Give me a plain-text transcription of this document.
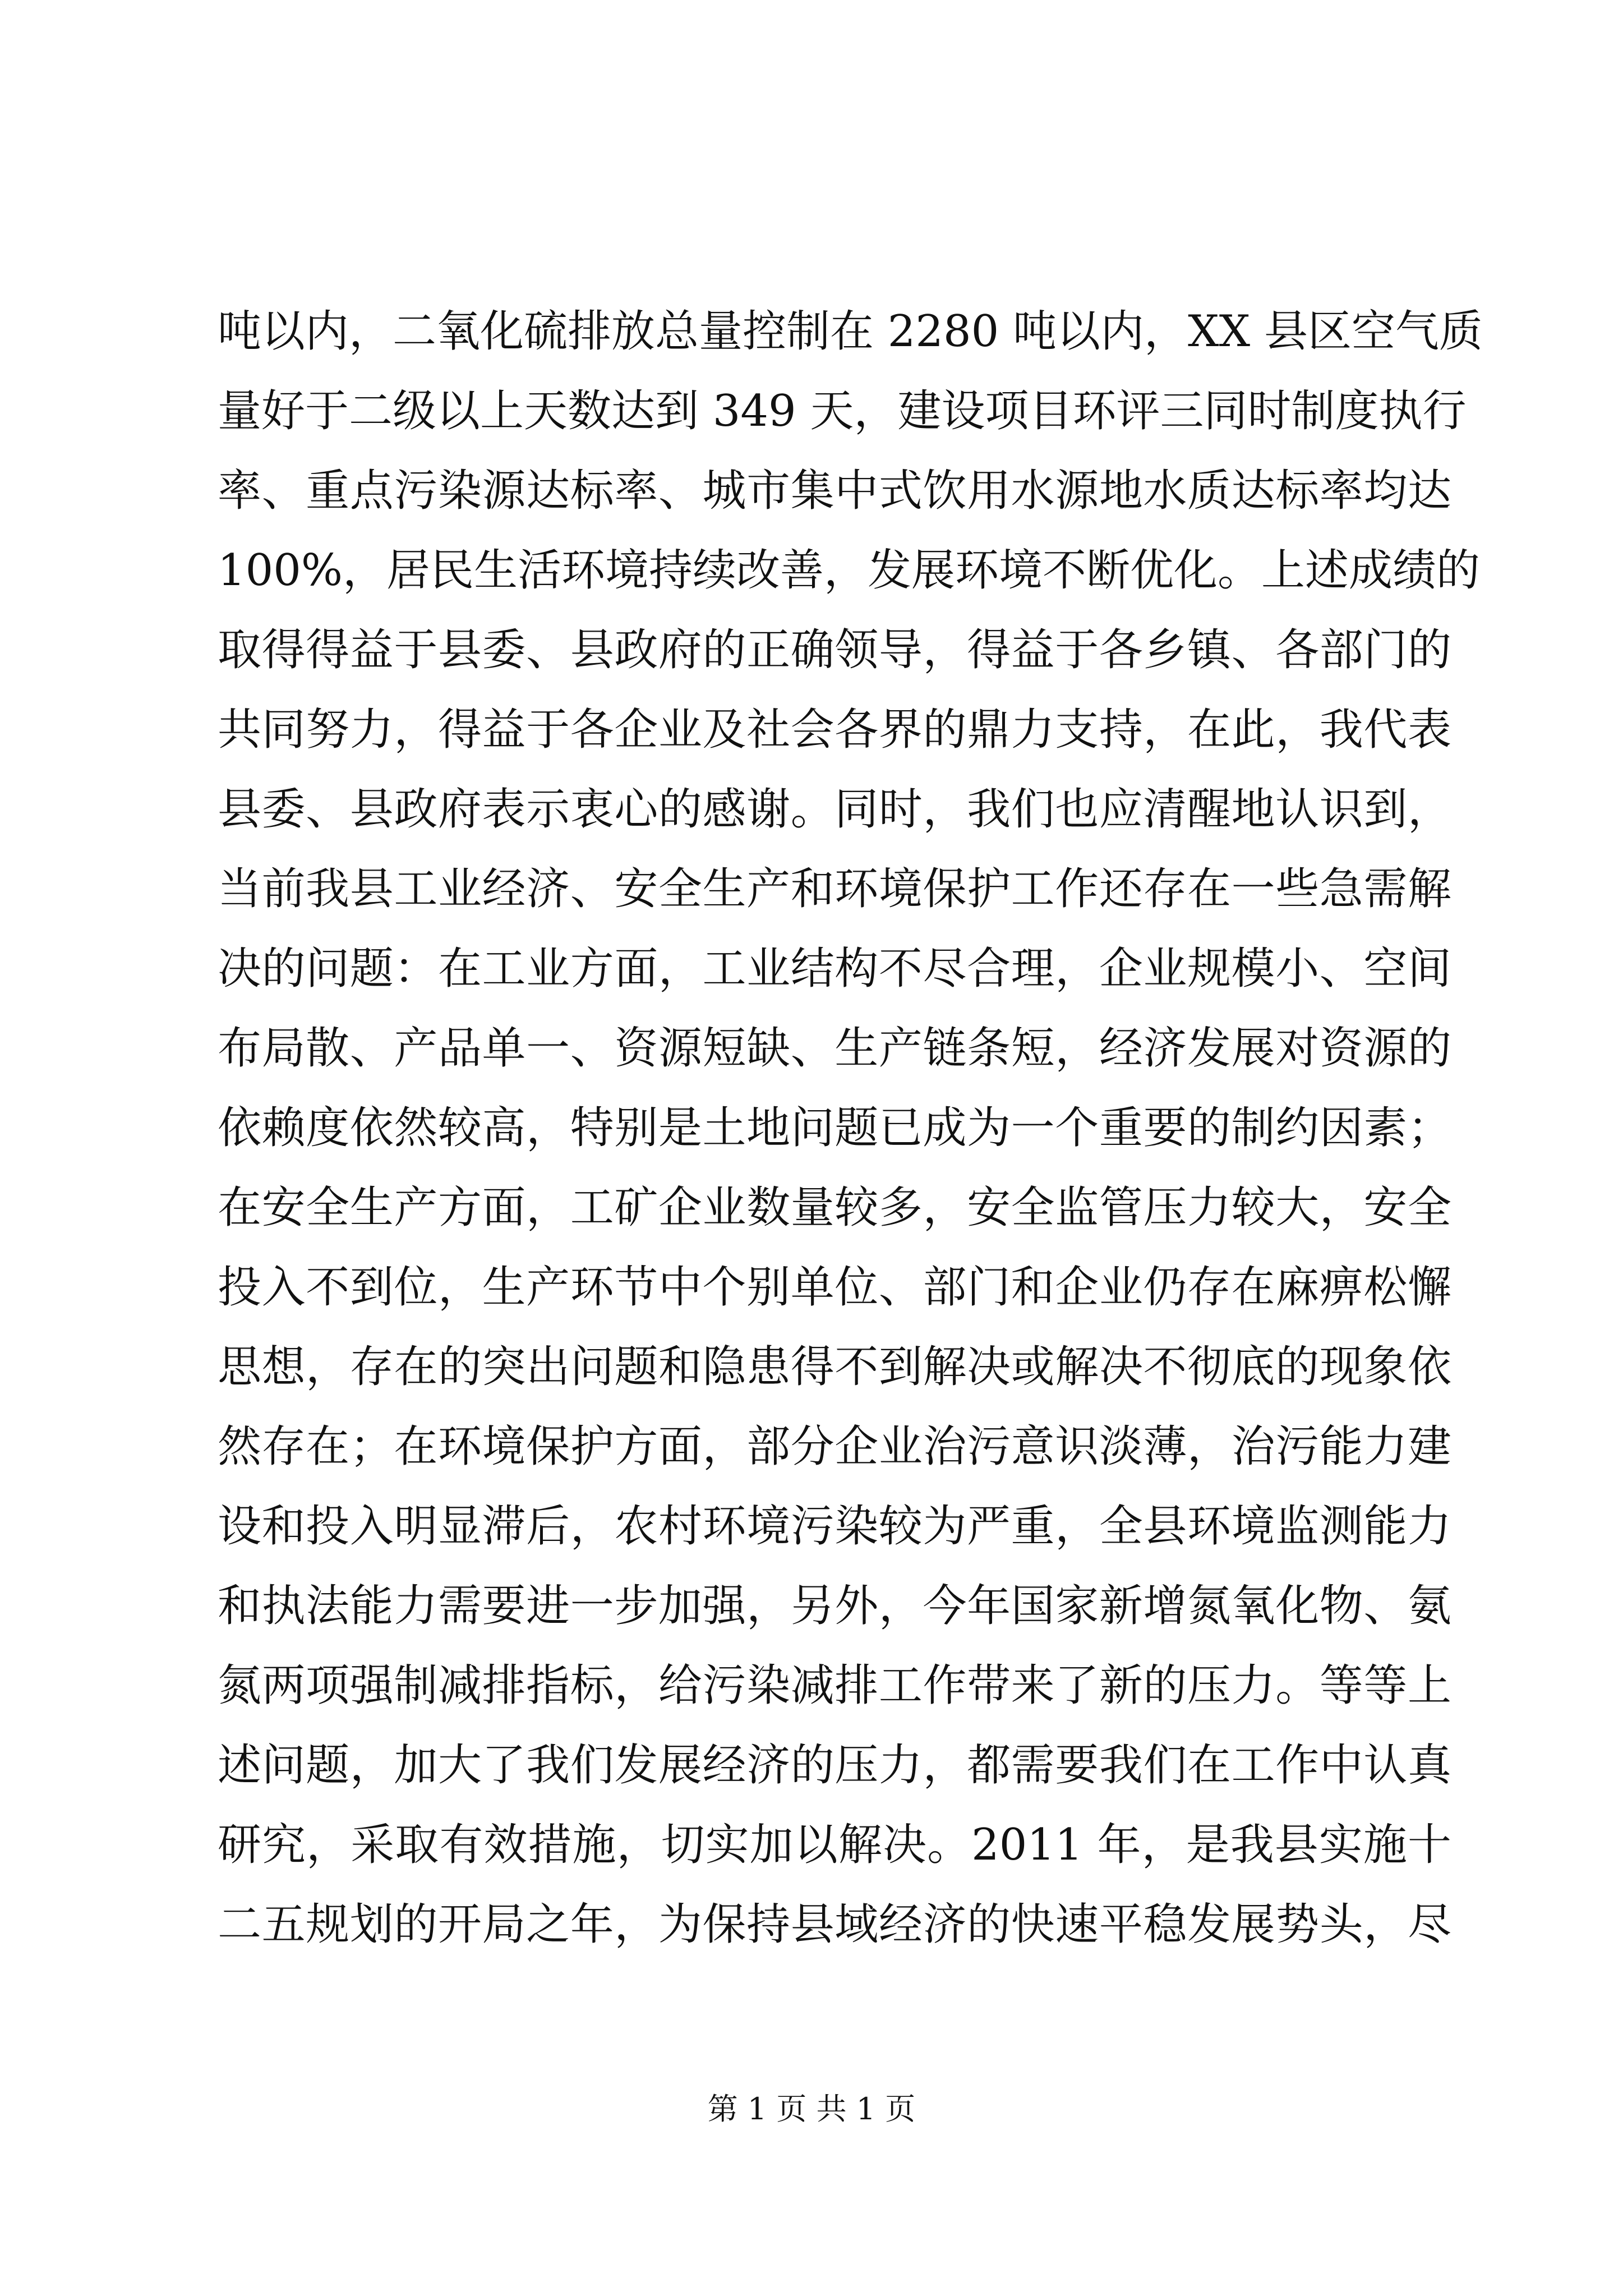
吨以内，二氧化硫排放总量控制在 2280 吨以内，XX 县区空气质
量好于二级以上天数达到 349 天，建设项目环评三同时制度执行
率、重点污染源达标率、城市集中式饮用水源地水质达标率均达
100%，居民生活环境持续改善，发展环境不断优化。上述成绩的
取得得益于县委、县政府的正确领导，得益于各乡镇、各部门的
共同努力，得益于各企业及社会各界的鼎力支持，在此，我代表
县委、县政府表示衷心的感谢。同时，我们也应清醒地认识到，
当前我县工业经济、安全生产和环境保护工作还存在一些急需解
决的问题：在工业方面，工业结构不尽合理，企业规模小、空间
布局散、产品单一、资源短缺、生产链条短，经济发展对资源的
依赖度依然较高，特别是土地问题已成为一个重要的制约因素；
在安全生产方面，工矿企业数量较多，安全监管压力较大，安全
投入不到位，生产环节中个别单位、部门和企业仍存在麻痹松懈
思想，存在的突出问题和隐患得不到解决或解决不彻底的现象依
然存在；在环境保护方面，部分企业治污意识淡薄，治污能力建
设和投入明显滞后，农村环境污染较为严重，全县环境监测能力
和执法能力需要进一步加强，另外，今年国家新增氮氧化物、氨
氮两项强制减排指标，给污染减排工作带来了新的压力。等等上
述问题，加大了我们发展经济的压力，都需要我们在工作中认真
研究，采取有效措施，切实加以解决。2011 年，是我县实施十
二五规划的开局之年，为保持县域经济的快速平稳发展势头，尽
第 1 页 共 1 页
